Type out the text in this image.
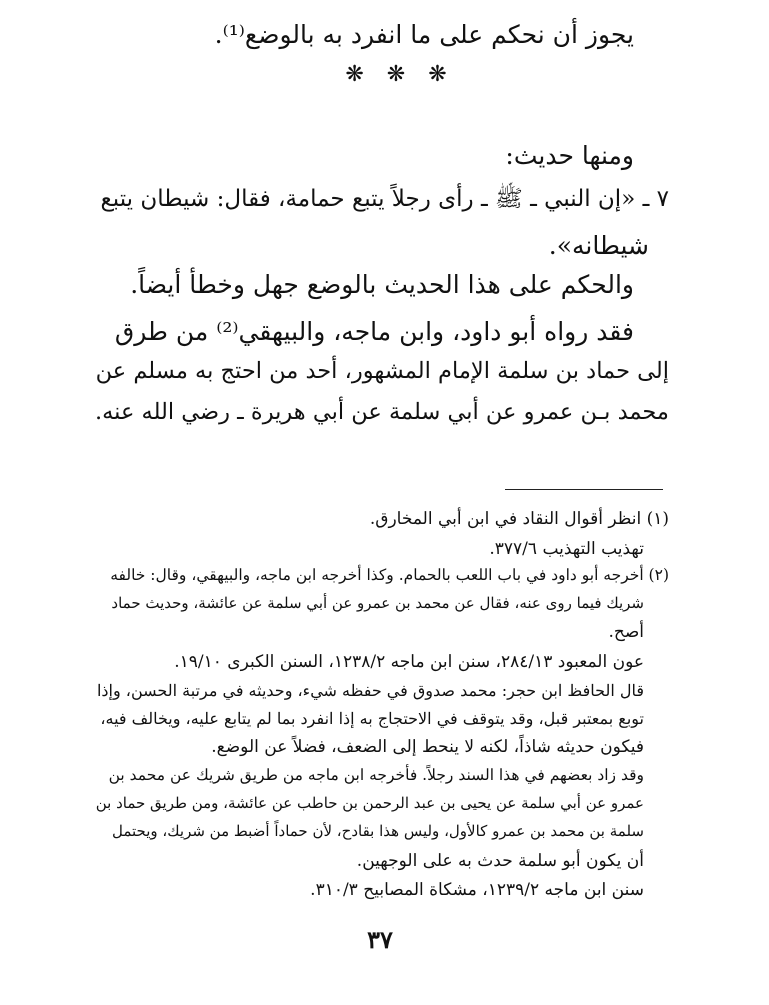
يجوز أن نحكم على ما انفرد به بالوضع⁽¹⁾.
❋ ❋ ❋
ومنها حديث:
٧ ـ «إن النبي ـ ﷺ ـ رأى رجلاً يتبع حمامة، فقال: شيطان يتبع
شيطانه».
والحكم على هذا الحديث بالوضع جهل وخطأ أيضاً.
فقد رواه أبو داود، وابن ماجه، والبيهقي⁽²⁾ من طرق
إلى حماد بن سلمة الإمام المشهور، أحد من احتج به مسلم عن
محمد بـن عمرو عن أبي سلمة عن أبي هريرة ـ رضي الله عنه.
(١) انظر أقوال النقاد في ابن أبي المخارق.
تهذيب التهذيب ٣٧٧/٦.
(٢) أخرجه أبو داود في باب اللعب بالحمام. وكذا أخرجه ابن ماجه، والبيهقي، وقال: خالفه
شريك فيما روى عنه، فقال عن محمد بن عمرو عن أبي سلمة عن عائشة، وحديث حماد
أصح.
عون المعبود ٢٨٤/١٣، سنن ابن ماجه ١٢٣٨/٢، السنن الكبرى ١٩/١٠.
قال الحافظ ابن حجر: محمد صدوق في حفظه شيء، وحديثه في مرتبة الحسن، وإذا
توبع بمعتبر قبل، وقد يتوقف في الاحتجاج به إذا انفرد بما لم يتابع عليه، ويخالف فيه،
فيكون حديثه شاذاً، لكنه لا ينحط إلى الضعف، فضلاً عن الوضع.
وقد زاد بعضهم في هذا السند رجلاً. فأخرجه ابن ماجه من طريق شريك عن محمد بن
عمرو عن أبي سلمة عن يحيى بن عبد الرحمن بن حاطب عن عائشة، ومن طريق حماد بن
سلمة بن محمد بن عمرو كالأول، وليس هذا بقادح، لأن حماداً أضبط من شريك، ويحتمل
أن يكون أبو سلمة حدث به على الوجهين.
سنن ابن ماجه ١٢٣٩/٢، مشكاة المصابيح ٣١٠/٣.
٣٧
